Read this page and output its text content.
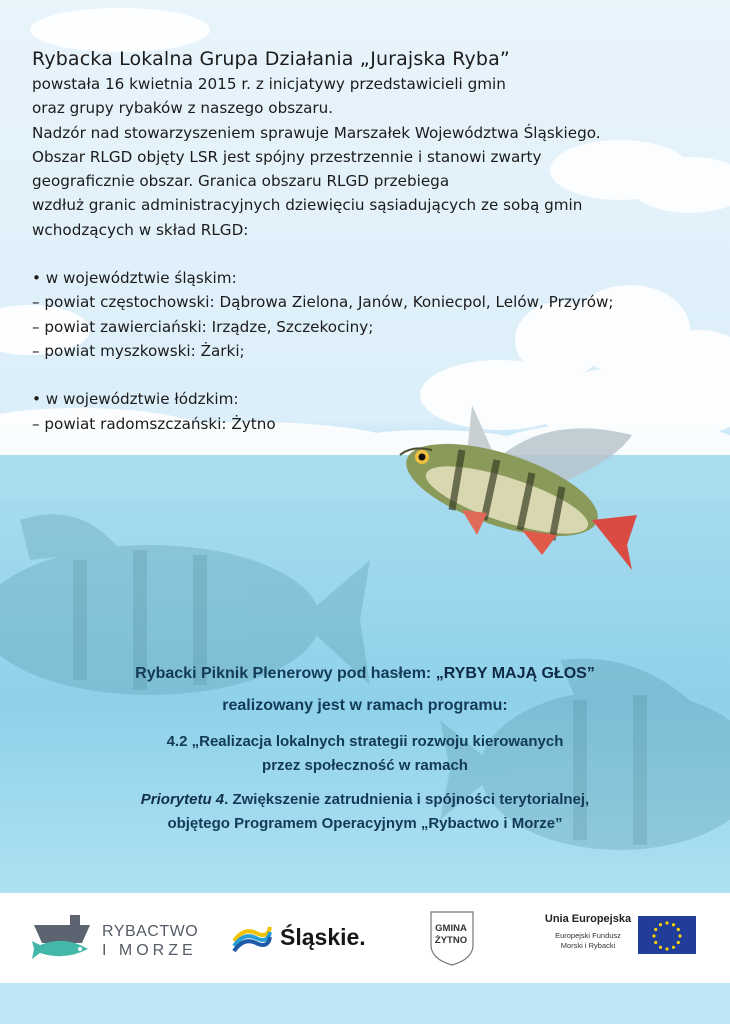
Rybacka Lokalna Grupa Działania „Jurajska Ryba”

powstała 16 kwietnia 2015 r. z inicjatywy przedstawicieli gmin

oraz grupy rybaków z naszego obszaru.

Nadzór nad stowarzyszeniem sprawuje Marszałek Województwa Śląskiego.

Obszar RLGD objęty LSR jest spójny przestrzennie i stanowi zwarty

geograficznie obszar. Granica obszaru RLGD przebiega

wzdłuż granic administracyjnych dziewięciu sąsiadujących ze sobą gmin

wchodzących w skład RLGD:

• w województwie śląskim:

– powiat częstochowski: Dąbrowa Zielona, Janów, Koniecpol, Lelów, Przyrów;

– powiat zawierciański: Irządze, Szczekociny;

– powiat myszkowski: Żarki;

• w województwie łódzkim:

– powiat radomszczański: Żytno

Rybacki Piknik Plenerowy pod hasłem: „RYBY MAJĄ GŁOS”

realizowany jest w ramach programu:

4.2 „Realizacja lokalnych strategii rozwoju kierowanych

przez społeczność w ramach

Priorytetu 4. Zwiększenie zatrudnienia i spójności terytorialnej,

objętego Programem Operacyjnym „Rybactwo i Morze”

RYBACTWO
I MORZE
Śląskie.	GMINA
ŻYTNO
Unia Europejska
Europejski Fundusz
Morski i Rybacki
